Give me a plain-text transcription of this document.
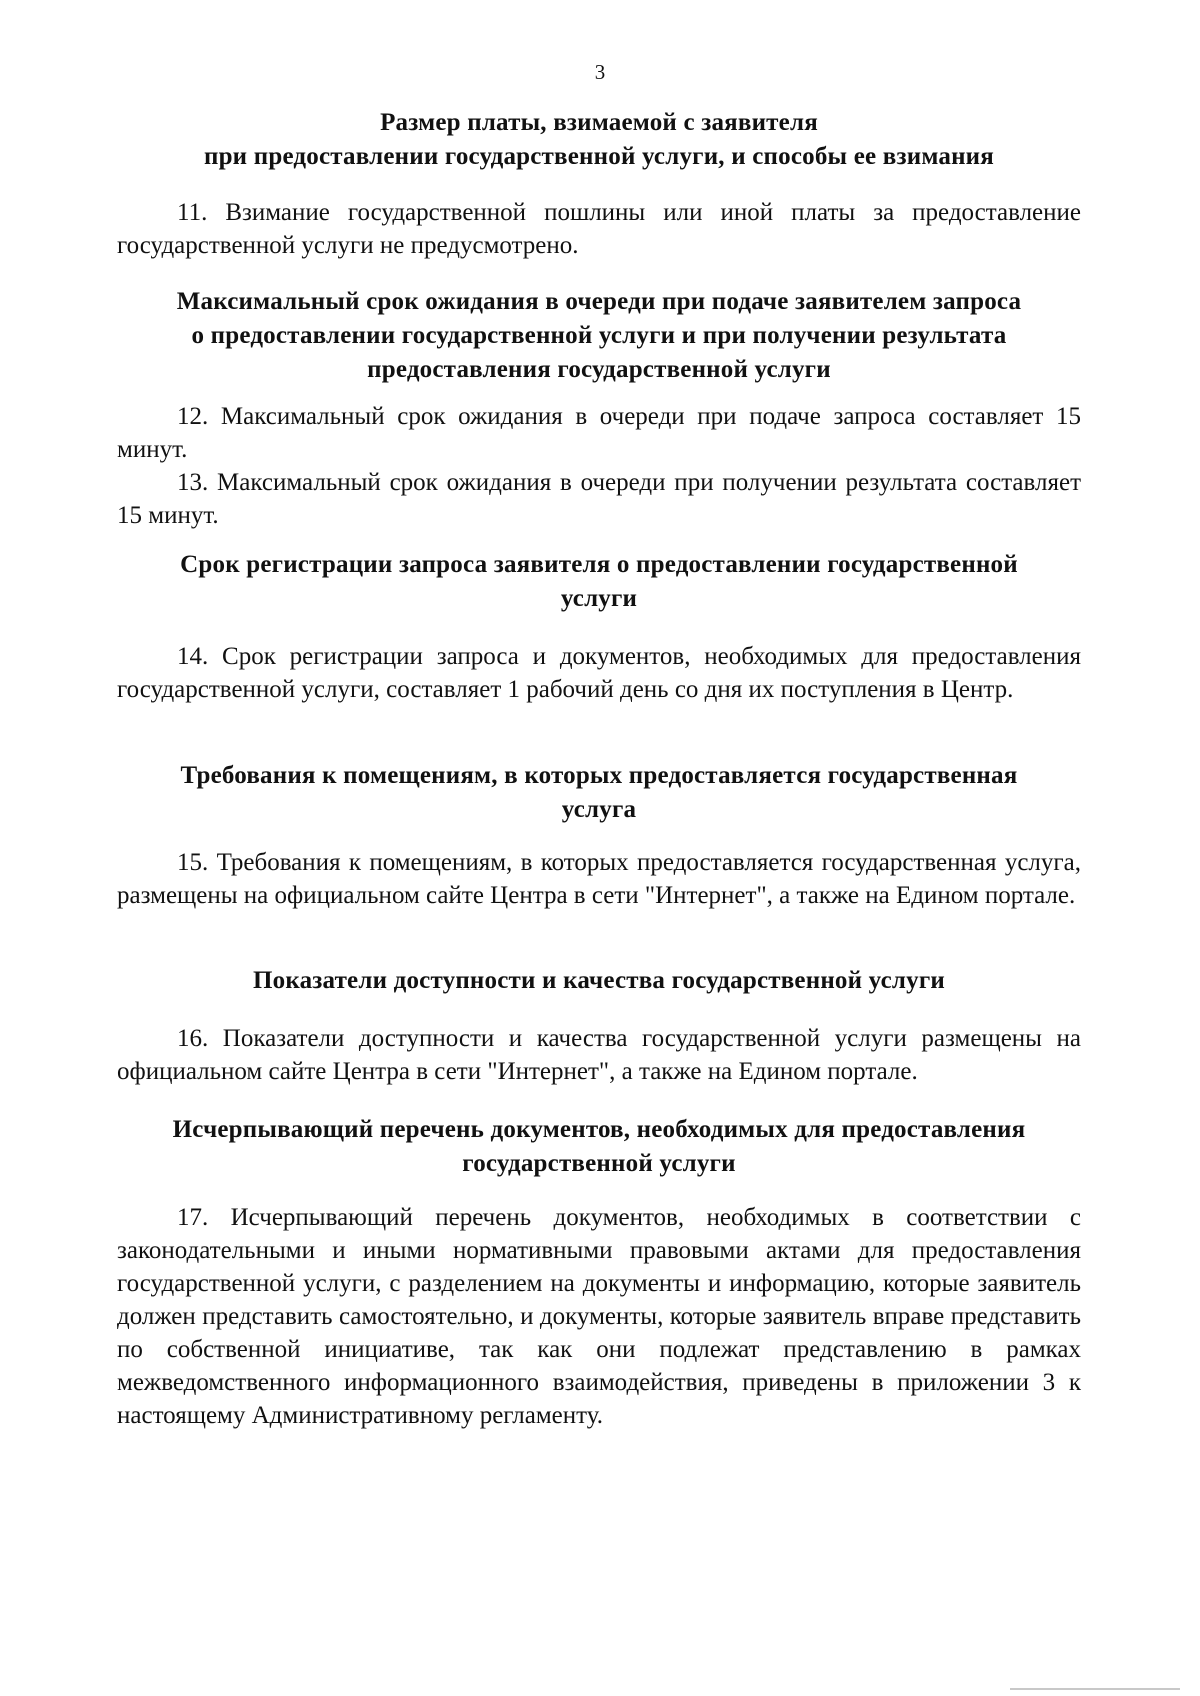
3
Размер платы, взимаемой с заявителя
при предоставлении государственной услуги, и способы ее взимания
11. Взимание государственной пошлины или иной платы за предоставление государственной услуги не предусмотрено.
Максимальный срок ожидания в очереди при подаче заявителем запроса
о предоставлении государственной услуги и при получении результата
предоставления государственной услуги
12. Максимальный срок ожидания в очереди при подаче запроса составляет 15 минут.
13. Максимальный срок ожидания в очереди при получении результата составляет 15 минут.
Срок регистрации запроса заявителя о предоставлении государственной
услуги
14. Срок регистрации запроса и документов, необходимых для предоставления государственной услуги, составляет 1 рабочий день со дня их поступления в Центр.
Требования к помещениям, в которых предоставляется государственная
услуга
15. Требования к помещениям, в которых предоставляется государственная услуга, размещены на официальном сайте Центра в сети "Интернет", а также на Едином портале.
Показатели доступности и качества государственной услуги
16. Показатели доступности и качества государственной услуги размещены на официальном сайте Центра в сети "Интернет", а также на Едином портале.
Исчерпывающий перечень документов, необходимых для предоставления
государственной услуги
17. Исчерпывающий перечень документов, необходимых в соответствии с законодательными и иными нормативными правовыми актами для предоставления государственной услуги, с разделением на документы и информацию, которые заявитель должен представить самостоятельно, и документы, которые заявитель вправе представить по собственной инициативе, так как они подлежат представлению в рамках межведомственного информационного взаимодействия, приведены в приложении 3 к настоящему Административному регламенту.
